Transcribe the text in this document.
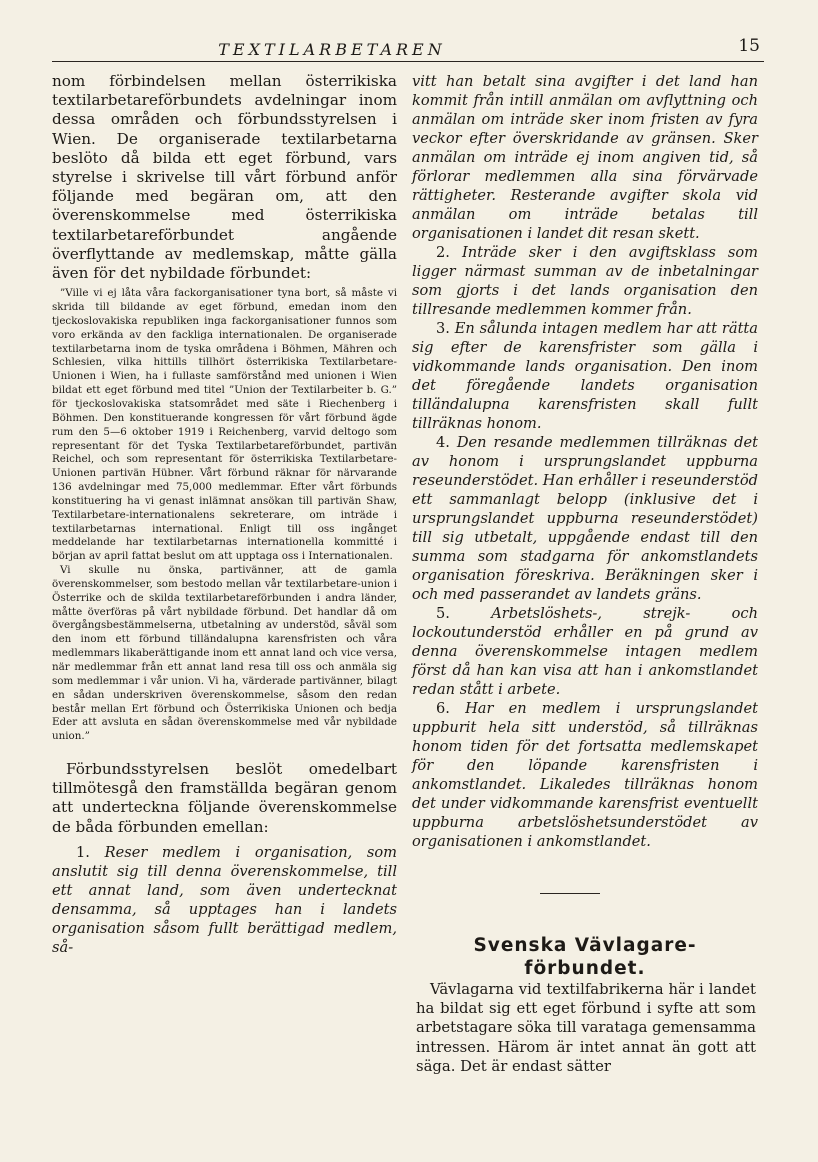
TEXTILARBETAREN	15

nom förbindelsen mellan österrikiska textilarbetareförbundets avdelningar inom dessa områden och förbundsstyrelsen i Wien. De organiserade textilarbetarna beslöto då bilda ett eget förbund, vars styrelse i skrivelse till vårt förbund anför följande med begäran om, att den överenskommelse med österrikiska textilarbetareförbundet angående överflyttande av medlemskap, måtte gälla även för det nybildade förbundet:

”Ville vi ej låta våra fackorganisationer tyna bort, så måste vi skrida till bildande av eget förbund, emedan inom den tjeckoslovakiska republiken inga fackorganisationer funnos som voro erkända av den fackliga internationalen. De organiserade textilarbetarna inom de tyska områdena i Böhmen, Mähren och Schlesien, vilka hittills tillhört österrikiska Textilarbetare-Unionen i Wien, ha i fullaste samförstånd med unionen i Wien bildat ett eget förbund med titel ”Union der Textilarbeiter b. G.” för tjeckoslovakiska statsområdet med säte i Riechenberg i Böhmen. Den konstituerande kongressen för vårt förbund ägde rum den 5—6 oktober 1919 i Reichenberg, varvid deltogo som representant för det Tyska Textilarbetareförbundet, partivän Reichel, och som representant för österrikiska Textilarbetare-Unionen partivän Hübner. Vårt förbund räknar för närvarande 136 avdelningar med 75,000 medlemmar. Efter vårt förbunds konstituering ha vi genast inlämnat ansökan till partivän Shaw, Textilarbetare-internationalens sekreterare, om inträde i textilarbetarnas international. Enligt till oss ingånget meddelande har textilarbetarnas internationella kommitté i början av april fattat beslut om att upptaga oss i Internationalen.

Vi skulle nu önska, partivänner, att de gamla överenskommelser, som bestodo mellan vår textilarbetare-union i Österrike och de skilda textilarbetareförbunden i andra länder, måtte överföras på vårt nybildade förbund. Det handlar då om övergångsbestämmelserna, utbetalning av understöd, såväl som den inom ett förbund tilländalupna karensfristen och våra medlemmars likaberättigande inom ett annat land och vice versa, när medlemmar från ett annat land resa till oss och anmäla sig som medlemmar i vår union. Vi ha, värderade partivänner, bilagt en sådan underskriven överenskommelse, såsom den redan består mellan Ert förbund och Österrikiska Unionen och bedja Eder att avsluta en sådan överenskommelse med vår nybildade union.”

Förbundsstyrelsen beslöt omedelbart tillmötesgå den framställda begäran genom att underteckna följande överenskommelse de båda förbunden emellan:

1. Reser medlem i organisation, som anslutit sig till denna överenskommelse, till ett annat land, som även undertecknat densamma, så upptages han i landets organisation såsom fullt berättigad medlem, så-

vitt han betalt sina avgifter i det land han kommit från intill anmälan om avflyttning och anmälan om inträde sker inom fristen av fyra veckor efter överskridande av gränsen. Sker anmälan om inträde ej inom angiven tid, så förlorar medlemmen alla sina förvärvade rättigheter. Resterande avgifter skola vid anmälan om inträde betalas till organisationen i landet dit resan skett.

2. Inträde sker i den avgiftsklass som ligger närmast summan av de inbetalningar som gjorts i det lands organisation den tillresande medlemmen kommer från.

3. En sålunda intagen medlem har att rätta sig efter de karensfrister som gälla i vidkommande lands organisation. Den inom det föregående landets organisation tilländalupna karensfristen skall fullt tillräknas honom.

4. Den resande medlemmen tillräknas det av honom i ursprungslandet uppburna reseunderstödet. Han erhåller i reseunderstöd ett sammanlagt belopp (inklusive det i ursprungslandet uppburna reseunderstödet) till sig utbetalt, uppgående endast till den summa som stadgarna för ankomstlandets organisation föreskriva. Beräkningen sker i och med passerandet av landets gräns.

5.	Arbetslöshets-, strejk- och lockoutunderstöd erhåller en på grund av denna överenskommelse intagen medlem först då han kan visa att han i ankomstlandet redan stått i arbete.

6. Har en medlem i ursprungslandet uppburit hela sitt understöd, så tillräknas honom tiden för det fortsatta medlemskapet för den löpande karensfristen i ankomstlandet. Likaledes tillräknas honom det under vidkommande karensfrist eventuellt uppburna arbetslöshetsunderstödet av organisationen i ankomstlandet.

Svenska Vävlagare-
förbundet.

Vävlagarna vid textilfabrikerna här i landet ha bildat sig ett eget förbund i syfte att som arbetstagare söka till varataga gemensamma intressen. Härom är intet annat än gott att säga. Det är endast sätter
